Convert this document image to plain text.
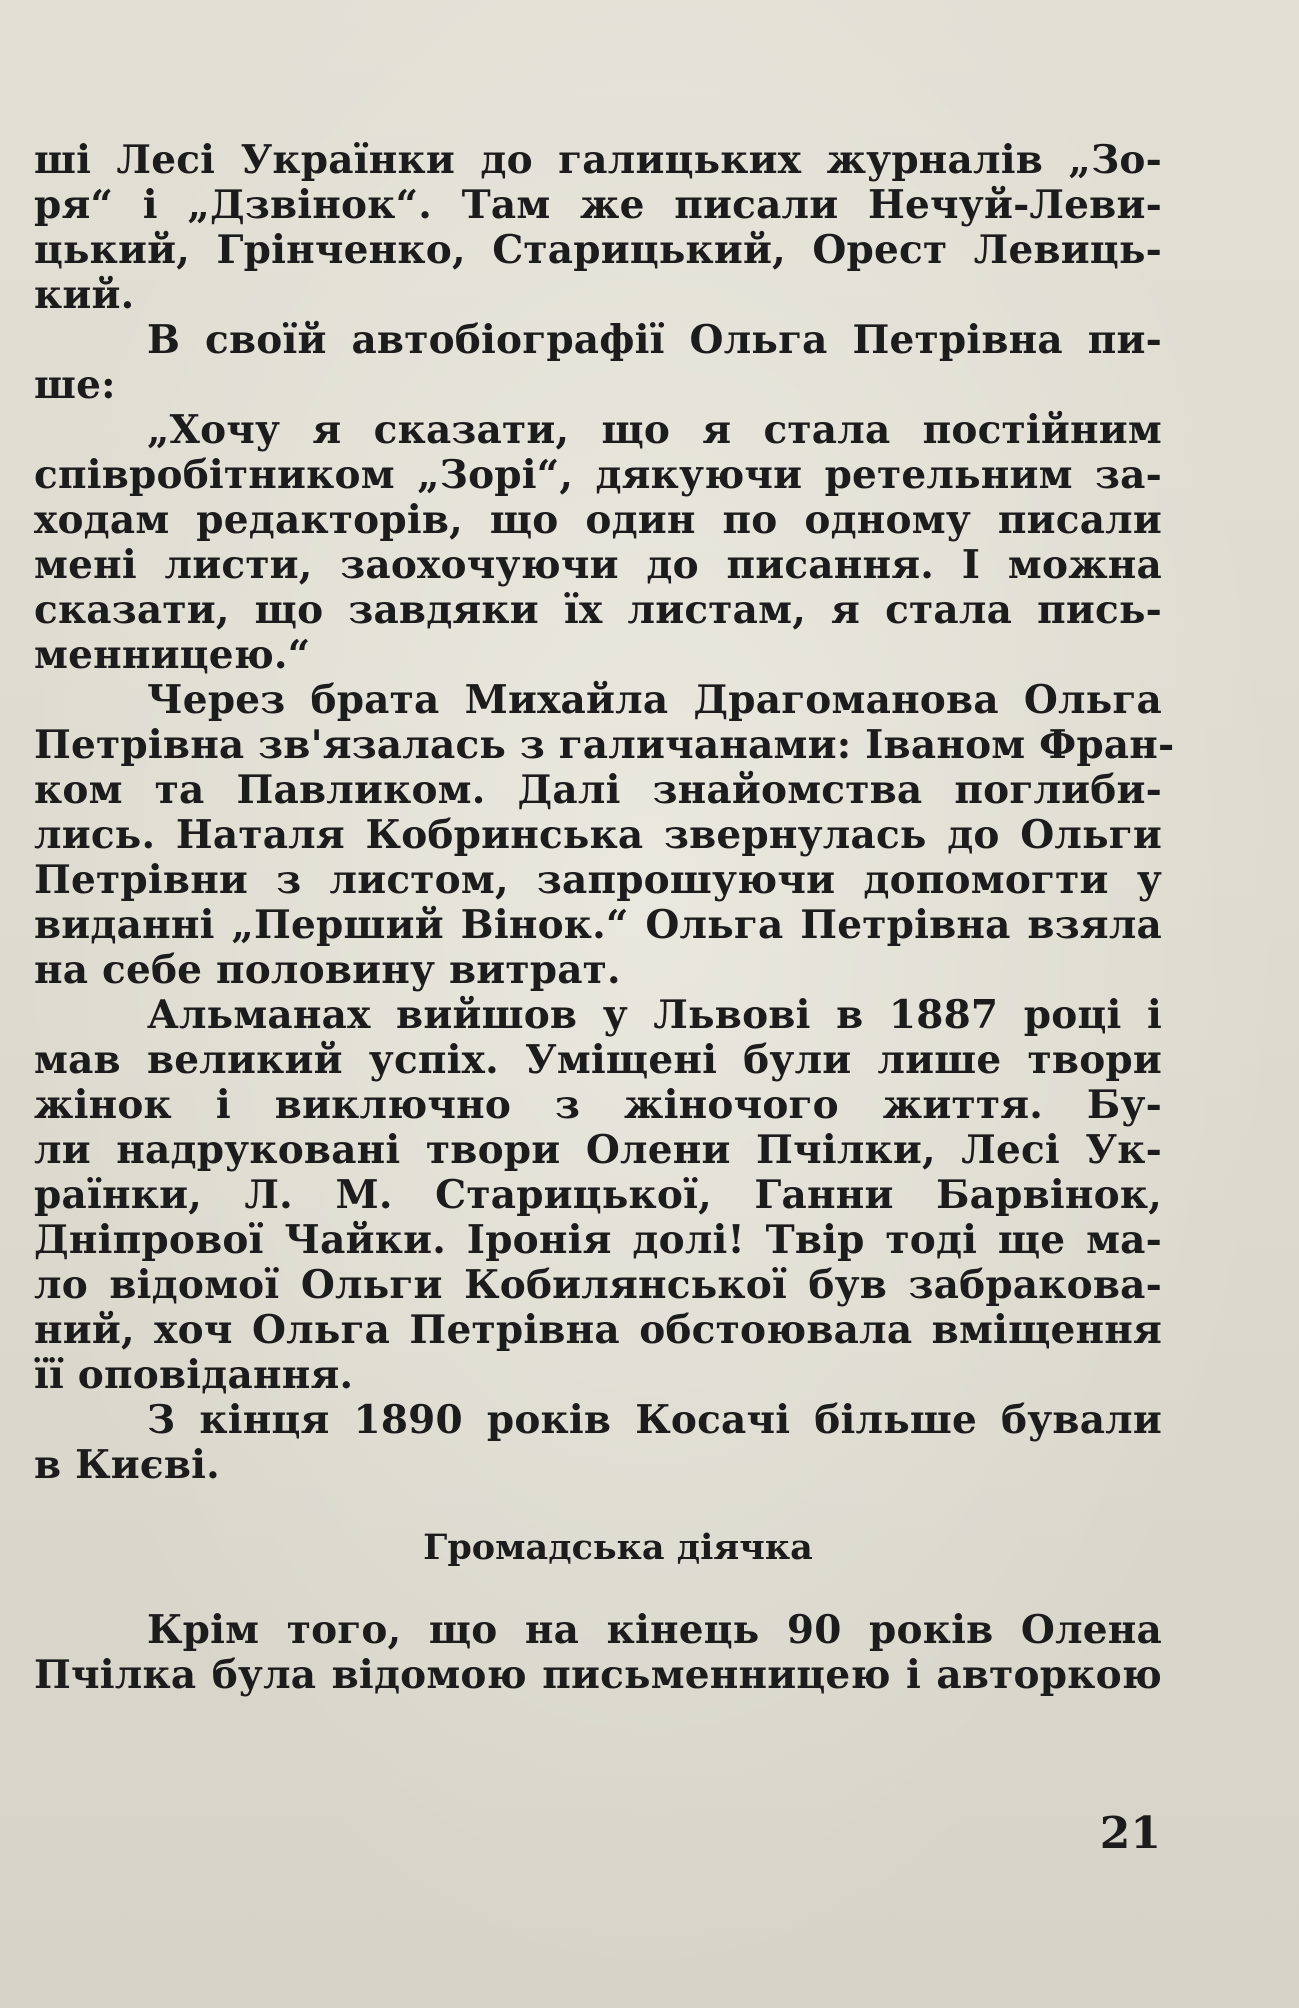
ші Лесі Українки до галицьких журналів „Зо-
ря“ і „Дзвінок“. Там же писали Нечуй-Леви-
цький, Грінченко, Старицький, Орест Левиць-
кий.
В своїй автобіографії Ольга Петрівна пи-
ше:
„Хочу я сказати, що я стала постійним
співробітником „Зорі“, дякуючи ретельним за-
ходам редакторів, що один по одному писали
мені листи, заохочуючи до писання. І можна
сказати, що завдяки їх листам, я стала пись-
менницею.“
Через брата Михайла Драгоманова Ольга
Петрівна зв'язалась з галичанами: Іваном Фран-
ком та Павликом. Далі знайомства поглиби-
лись. Наталя Кобринська звернулась до Ольги
Петрівни з листом, запрошуючи допомогти у
виданні „Перший Вінок.“ Ольга Петрівна взяла
на себе половину витрат.
Альманах вийшов у Львові в 1887 році і
мав великий успіх. Уміщені були лише твори
жінок і виключно з жіночого життя. Бу-
ли надруковані твори Олени Пчілки, Лесі Ук-
раїнки, Л. М. Старицької, Ганни Барвінок,
Дніпрової Чайки. Іронія долі! Твір тоді ще ма-
ло відомої Ольги Кобилянської був забракова-
ний, хоч Ольга Петрівна обстоювала вміщення
її оповідання.
З кінця 1890 років Косачі більше бували
в Києві.
Громадська діячка
Крім того, що на кінець 90 років Олена
Пчілка була відомою письменницею і авторкою
21
